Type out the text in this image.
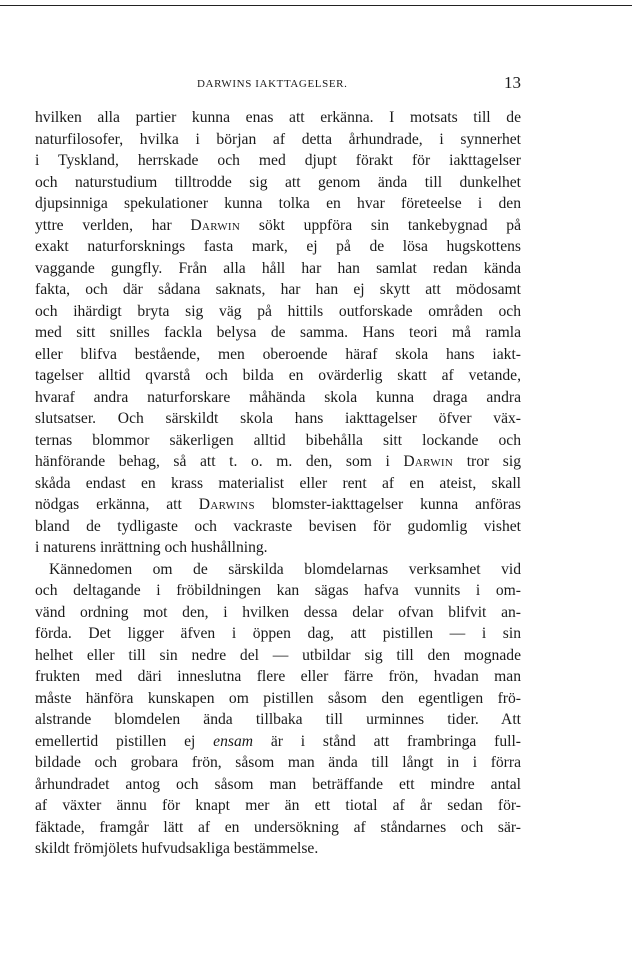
DARWINS IAKTTAGELSER.	13
hvilken alla partier kunna enas att erkänna. I motsats till de
naturfilosofer, hvilka i början af detta århundrade, i synnerhet
i Tyskland, herrskade och med djupt förakt för iakttagelser
och naturstudium tilltrodde sig att genom ända till dunkelhet
djupsinniga spekulationer kunna tolka en hvar företeelse i den
yttre verlden, har Darwin sökt uppföra sin tankebygnad på
exakt naturforsknings fasta mark, ej på de lösa hugskottens
vaggande gungfly. Från alla håll har han samlat redan kända
fakta, och där sådana saknats, har han ej skytt att mödosamt
och ihärdigt bryta sig väg på hittils outforskade områden och
med sitt snilles fackla belysa de samma. Hans teori må ramla
eller blifva bestående, men oberoende häraf skola hans iakt-
tagelser alltid qvarstå och bilda en ovärderlig skatt af vetande,
hvaraf andra naturforskare måhända skola kunna draga andra
slutsatser. Och särskildt skola hans iakttagelser öfver väx-
ternas blommor säkerligen alltid bibehålla sitt lockande och
hänförande behag, så att t. o. m. den, som i Darwin tror sig
skåda endast en krass materialist eller rent af en ateist, skall
nödgas erkänna, att Darwins blomster-iakttagelser kunna anföras
bland de tydligaste och vackraste bevisen för gudomlig vishet
i naturens inrättning och hushållning.
Kännedomen om de särskilda blomdelarnas verksamhet vid
och deltagande i fröbildningen kan sägas hafva vunnits i om-
vänd ordning mot den, i hvilken dessa delar ofvan blifvit an-
förda. Det ligger äfven i öppen dag, att pistillen — i sin
helhet eller till sin nedre del — utbildar sig till den mognade
frukten med däri inneslutna flere eller färre frön, hvadan man
måste hänföra kunskapen om pistillen såsom den egentligen frö-
alstrande blomdelen ända tillbaka till urminnes tider. Att
emellertid pistillen ej ensam är i stånd att frambringa full-
bildade och grobara frön, såsom man ända till långt in i förra
århundradet antog och såsom man beträffande ett mindre antal
af växter ännu för knapt mer än ett tiotal af år sedan för-
fäktade, framgår lätt af en undersökning af ståndarnes och sär-
skildt frömjölets hufvudsakliga bestämmelse.
